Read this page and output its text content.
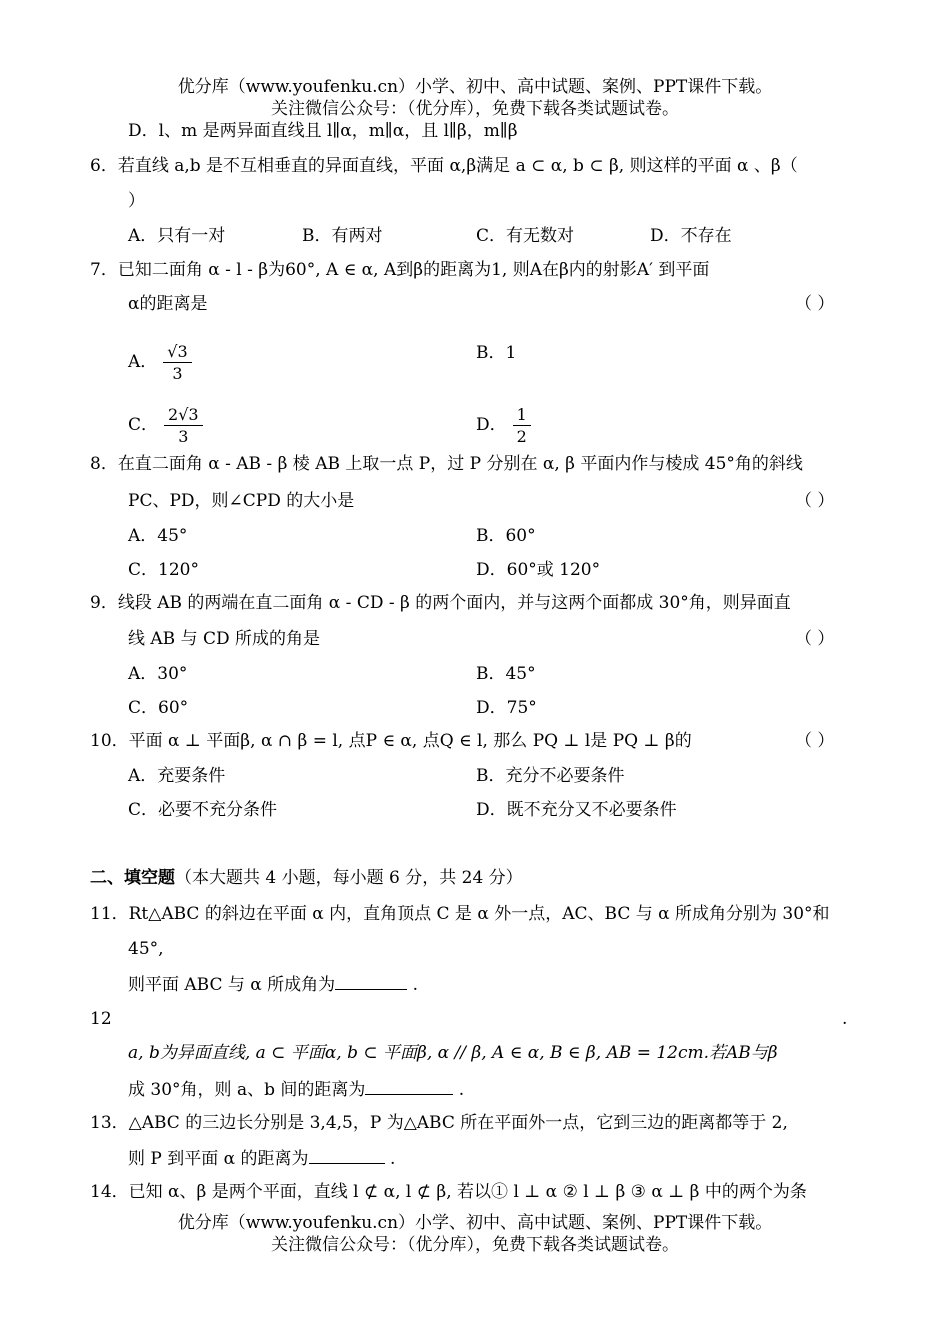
优分库（www.youfenku.cn）小学、初中、高中试题、案例、PPT课件下载。
关注微信公众号：（优分库），免费下载各类试题试卷。
D．l、m 是两异面直线且 l∥α，m∥α，且 l∥β，m∥β
6．若直线 a,b 是不互相垂直的异面直线，平面 α,β满足 a ⊂ α, b ⊂ β, 则这样的平面 α 、β（
）
A．只有一对	B．有两对	C．有无数对	D．不存在
7．已知二面角 α - l - β为60°, A ∈ α, A到β的距离为1, 则A在β内的射影A′ 到平面
α的距离是	（ ）
A． $\frac{√3}{3}$	B．1
C． $\frac{2√3}{3}$	D． $\frac{1}{2}$
8．在直二面角 α - AB - β 棱 AB 上取一点 P，过 P 分别在 α, β 平面内作与棱成 45°角的斜线
PC、PD，则∠CPD 的大小是	（ ）
A．45°	B．60°
C．120°	D．60°或 120°
9．线段 AB 的两端在直二面角 α - CD - β 的两个面内，并与这两个面都成 30°角，则异面直
线 AB 与 CD 所成的角是	（ ）
A．30°	B．45°
C．60°	D．75°
10．平面 α ⊥ 平面β, α ∩ β = l, 点P ∈ α, 点Q ∈ l, 那么 PQ ⊥ l是 PQ ⊥ β的	（ ）
A．充要条件	B．充分不必要条件
C．必要不充分条件	D．既不充分又不必要条件
二、填空题（本大题共 4 小题，每小题 6 分，共 24 分）
11．Rt△ABC 的斜边在平面 α 内，直角顶点 C 是 α 外一点，AC、BC 与 α 所成角分别为 30°和
45°,
则平面 ABC 与 α 所成角为	.
12	.
a, b为异面直线, a ⊂ 平面α, b ⊂ 平面β, α // β, A ∈ α, B ∈ β, AB = 12cm.若AB与β
成 30°角，则 a、b 间的距离为	.
13．△ABC 的三边长分别是 3,4,5，P 为△ABC 所在平面外一点，它到三边的距离都等于 2,
则 P 到平面 α 的距离为	.
14．已知 α、β 是两个平面，直线 l ⊄ α, l ⊄ β, 若以① l ⊥ α ② l ⊥ β ③ α ⊥ β 中的两个为条
优分库（www.youfenku.cn）小学、初中、高中试题、案例、PPT课件下载。
关注微信公众号：（优分库），免费下载各类试题试卷。
